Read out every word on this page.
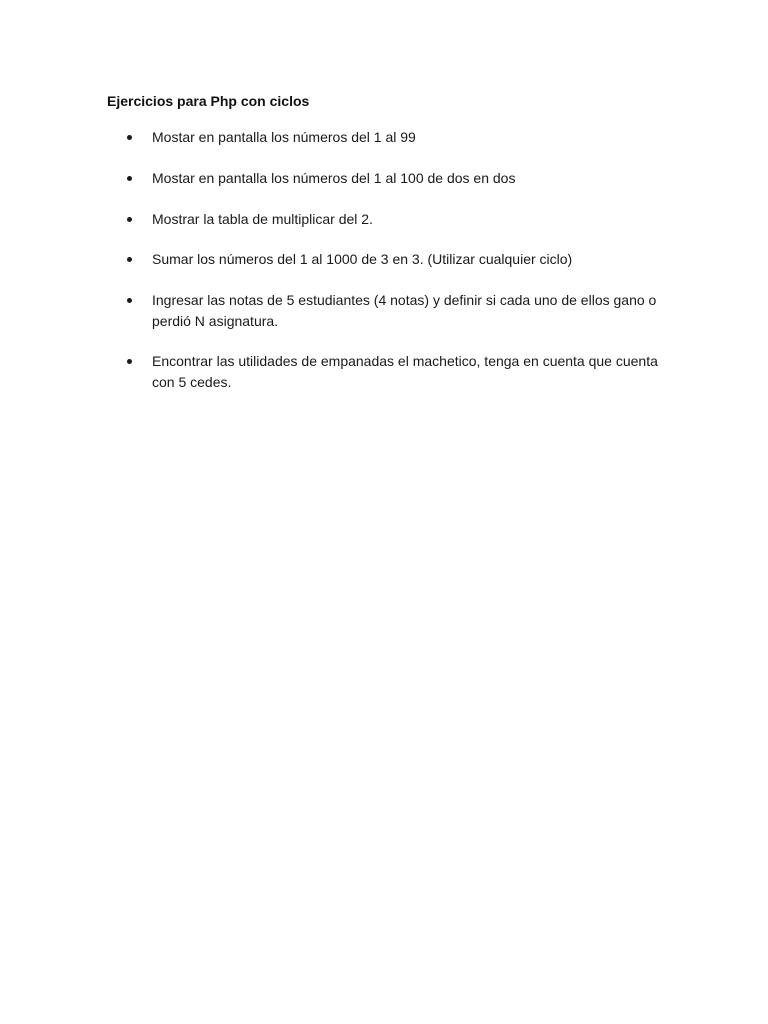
Ejercicios para Php con ciclos
Mostar en pantalla los números del 1 al 99
Mostar en pantalla los números del 1 al 100 de dos en dos
Mostrar la tabla de multiplicar del 2.
Sumar los números del 1 al 1000 de 3 en 3. (Utilizar cualquier ciclo)
Ingresar las notas de 5 estudiantes (4 notas) y definir si cada uno de ellos gano o perdió N asignatura.
Encontrar las utilidades de empanadas el machetico, tenga en cuenta que cuenta con 5 cedes.
